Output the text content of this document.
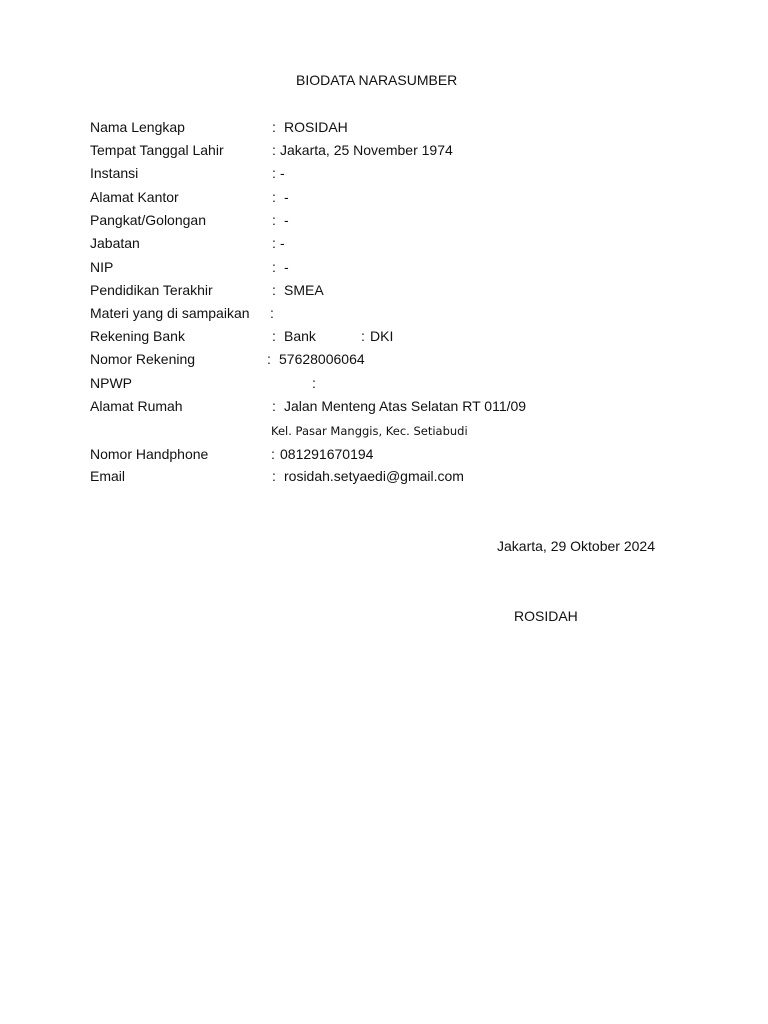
BIODATA NARASUMBER
Nama Lengkap	: ROSIDAH
Tempat Tanggal Lahir	: Jakarta, 25 November 1974
Instansi	: -
Alamat Kantor	: -
Pangkat/Golongan	: -
Jabatan	: -
NIP	: -
Pendidikan Terakhir	: SMEA
Materi yang di sampaikan :
Rekening Bank	: Bank	: DKI
Nomor Rekening	: 57628006064
NPWP	:
Alamat Rumah	: Jalan Menteng Atas Selatan RT 011/09
Kel. Pasar Manggis, Kec. Setiabudi
Nomor Handphone	: 081291670194
Email	: rosidah.setyaedi@gmail.com
Jakarta, 29 Oktober 2024
ROSIDAH
